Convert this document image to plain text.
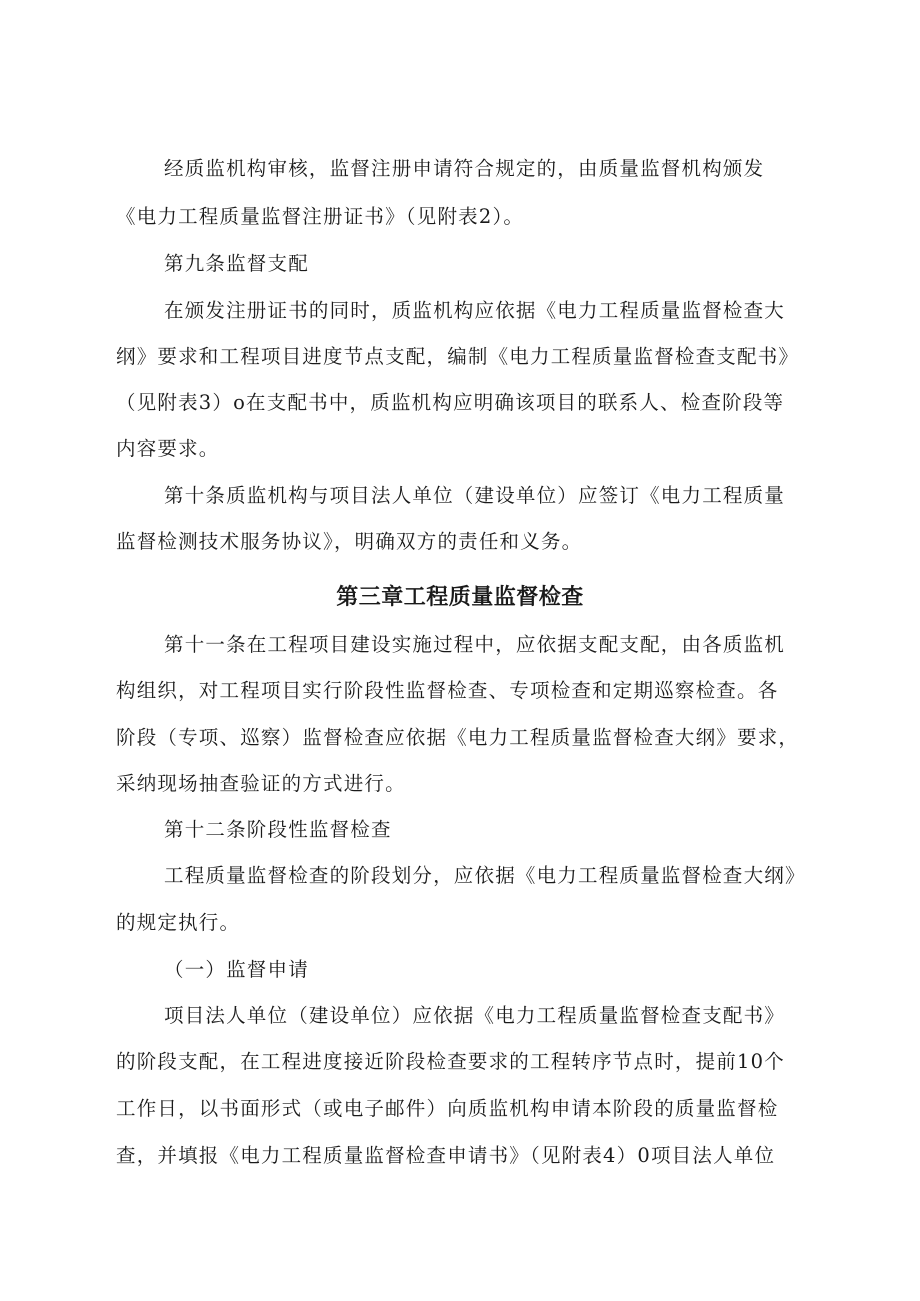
经质监机构审核，监督注册申请符合规定的，由质量监督机构颁发
《电力工程质量监督注册证书》（见附表2）。
第九条监督支配
在颁发注册证书的同时，质监机构应依据《电力工程质量监督检查大
纲》要求和工程项目进度节点支配，编制《电力工程质量监督检查支配书》
（见附表3）o在支配书中，质监机构应明确该项目的联系人、检查阶段等
内容要求。
第十条质监机构与项目法人单位（建设单位）应签订《电力工程质量
监督检测技术服务协议》，明确双方的责任和义务。
第三章工程质量监督检查
第十一条在工程项目建设实施过程中，应依据支配支配，由各质监机
构组织，对工程项目实行阶段性监督检查、专项检查和定期巡察检查。各
阶段（专项、巡察）监督检查应依据《电力工程质量监督检查大纲》要求，
采纳现场抽查验证的方式进行。
第十二条阶段性监督检查
工程质量监督检查的阶段划分，应依据《电力工程质量监督检查大纲》
的规定执行。
（一）监督申请
项目法人单位（建设单位）应依据《电力工程质量监督检查支配书》
的阶段支配，在工程进度接近阶段检查要求的工程转序节点时，提前10个
工作日，以书面形式（或电子邮件）向质监机构申请本阶段的质量监督检
查，并填报《电力工程质量监督检查申请书》（见附表4）0项目法人单位
